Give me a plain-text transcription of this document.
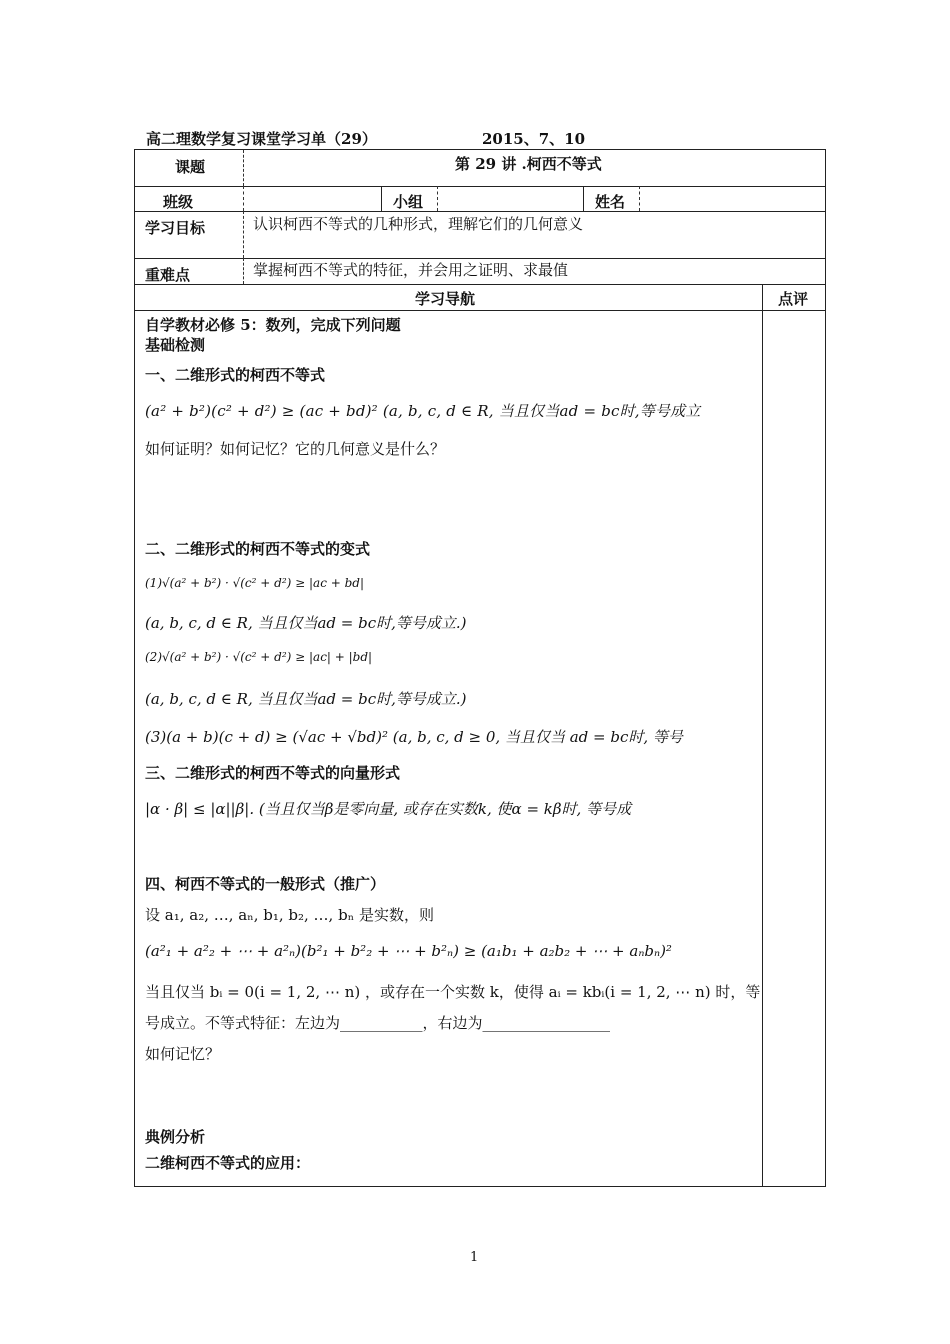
高二理数学复习课堂学习单（29）	2015、7、10
课题	第 29 讲 .柯西不等式
班级	小组	姓名
学习目标	认识柯西不等式的几种形式，理解它们的几何意义
重难点	掌握柯西不等式的特征，并会用之证明、求最值
学习导航	点评
自学教材必修 5：数列，完成下列问题
基础检测
一、二维形式的柯西不等式
(a² + b²)(c² + d²) ≥ (ac + bd)² (a, b, c, d ∈ R, 当且仅当ad = bc时,等号成立
如何证明？如何记忆？它的几何意义是什么？
二、二维形式的柯西不等式的变式
(1)√(a² + b²) · √(c² + d²) ≥ |ac + bd|
(a, b, c, d ∈ R, 当且仅当ad = bc时,等号成立.)
(2)√(a² + b²) · √(c² + d²) ≥ |ac| + |bd|
(a, b, c, d ∈ R, 当且仅当ad = bc时,等号成立.)
(3)(a + b)(c + d) ≥ (√ac + √bd)² (a, b, c, d ≥ 0, 当且仅当 ad = bc时, 等号
三、二维形式的柯西不等式的向量形式
|α · β| ≤ |α||β|. (当且仅当β是零向量, 或存在实数k, 使α = kβ时, 等号成
四、柯西不等式的一般形式（推广）
设 a₁, a₂, …, aₙ, b₁, b₂, …, bₙ 是实数，则
(a²₁ + a²₂ + ⋯ + a²ₙ)(b²₁ + b²₂ + ⋯ + b²ₙ) ≥ (a₁b₁ + a₂b₂ + ⋯ + aₙbₙ)²
当且仅当 bᵢ = 0(i = 1, 2, ⋯ n) ，或存在一个实数 k，使得 aᵢ = kbᵢ(i = 1, 2, ⋯ n) 时，等
号成立。不等式特征：左边为___________，右边为_________________
如何记忆？
典例分析
二维柯西不等式的应用：
1
